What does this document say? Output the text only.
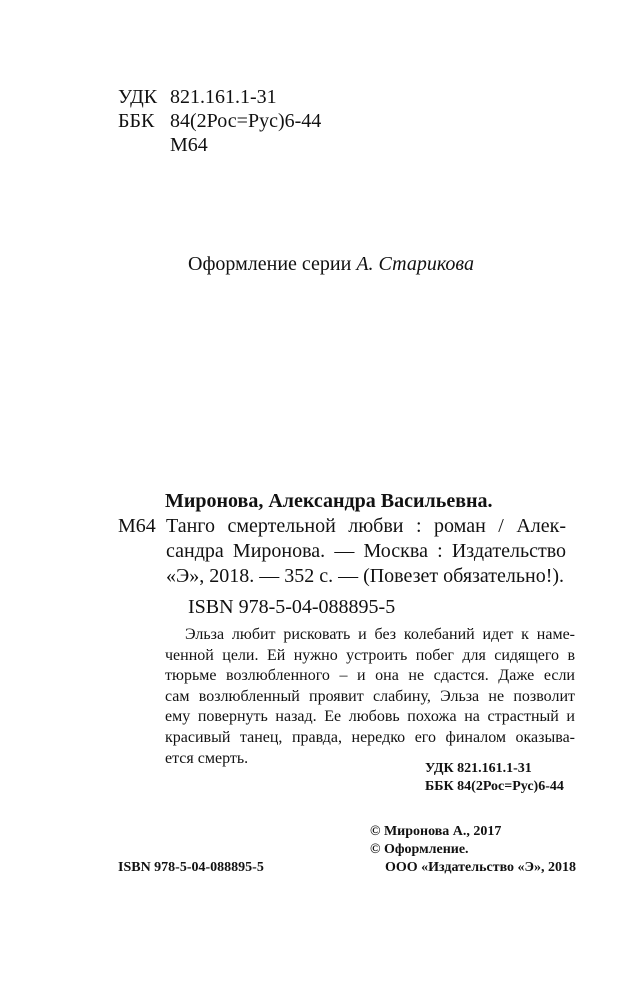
УДК 821.161.1-31
ББК 84(2Рос=Рус)6-44
М64
Оформление серии А. Старикова
Миронова, Александра Васильевна.
М64 Танго смертельной любви : роман / Алек-

сандра Миронова. — Москва : Издательство

«Э», 2018. — 352 с. — (Повезет обязательно!).

ISBN 978-5-04-088895-5

Эльза любит рисковать и без колебаний идет к наме-

ченной цели. Ей нужно устроить побег для сидящего в

тюрьме возлюбленного – и она не сдастся. Даже если

сам возлюбленный проявит слабину, Эльза не позволит

ему повернуть назад. Ее любовь похожа на страстный и

красивый танец, правда, нередко его финалом оказыва-

ется смерть.

УДК 821.161.1-31
ББК 84(2Рос=Рус)6-44
© Миронова А., 2017
© Оформление.
ООО «Издательство «Э», 2018
ISBN 978-5-04-088895-5
